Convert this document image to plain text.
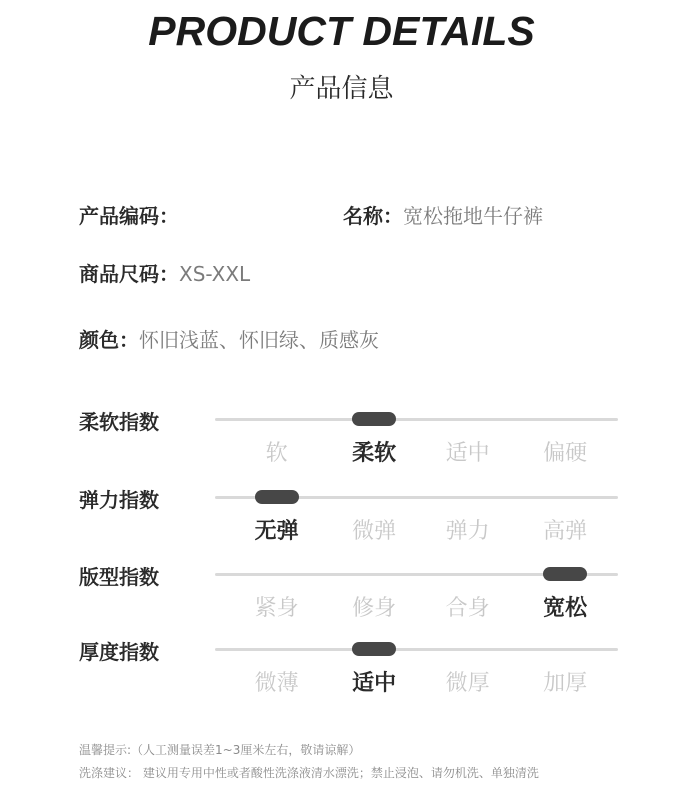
PRODUCT DETAILS
产品信息
产品编码：	名称：宽松拖地牛仔裤
商品尺码：XS-XXL
颜色：怀旧浅蓝、怀旧绿、质感灰
柔软指数
软	柔软	适中	偏硬
弹力指数
无弹	微弹	弹力	高弹
版型指数
紧身	修身	合身	宽松
厚度指数
微薄	适中	微厚	加厚
温馨提示:（人工测量误差1~3厘米左右，敬请谅解）
洗涤建议： 建议用专用中性或者酸性洗涤液清水漂洗；禁止浸泡、请勿机洗、单独清洗
